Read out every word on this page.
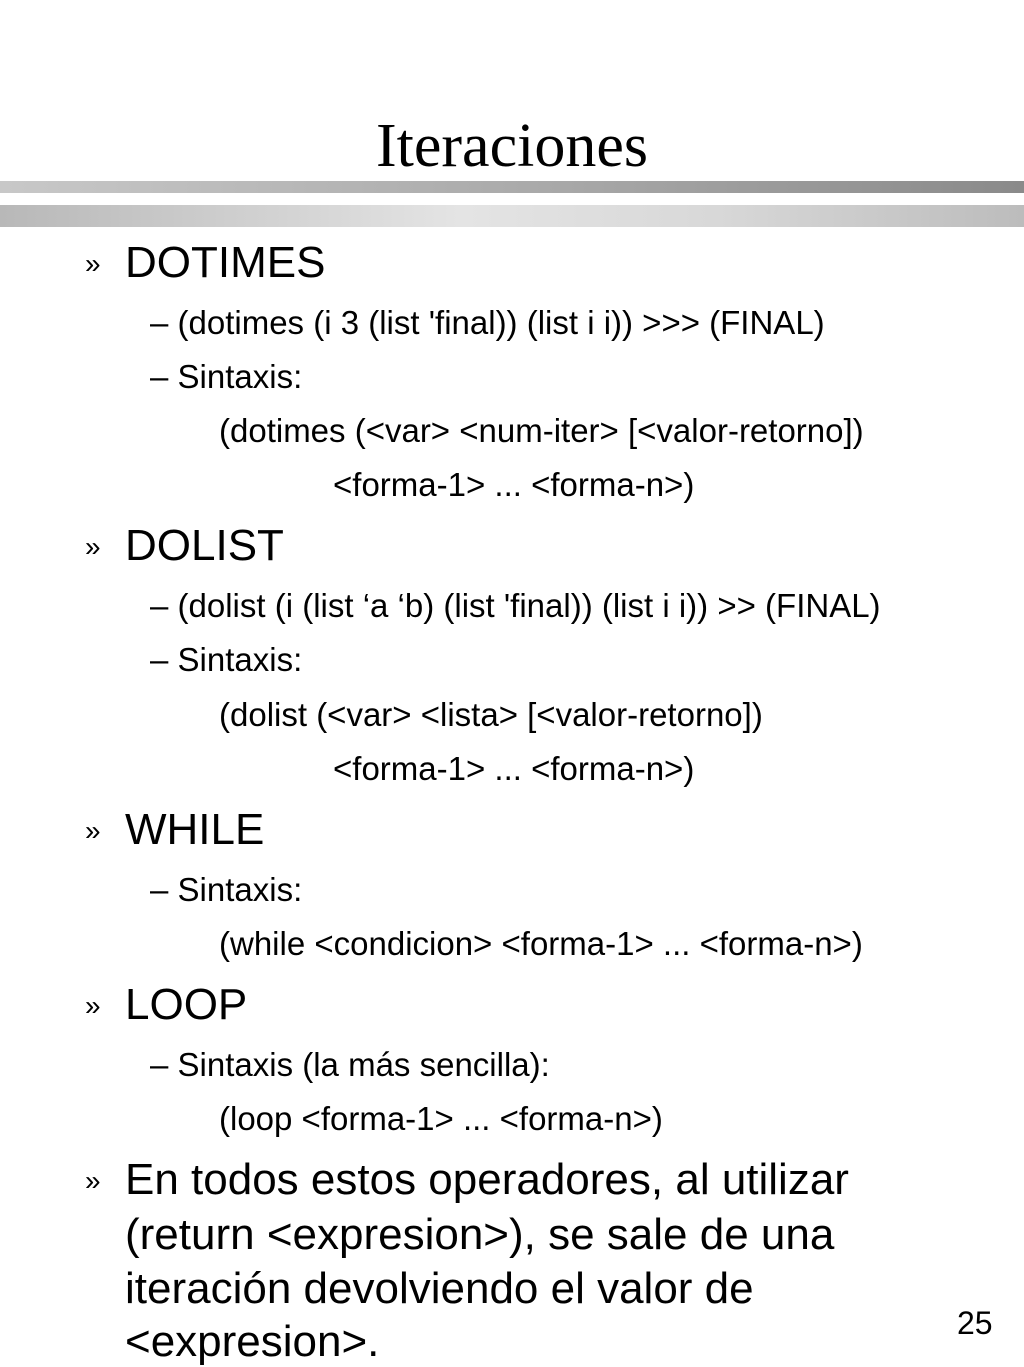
Iteraciones
» DOTIMES
– (dotimes (i 3 (list 'final)) (list i i)) >>> (FINAL)
– Sintaxis:
(dotimes (<var> <num-iter> [<valor-retorno])
<forma-1> ... <forma-n>)
» DOLIST
– (dolist (i (list ‘a ‘b) (list 'final)) (list i i)) >> (FINAL)
– Sintaxis:
(dolist (<var> <lista> [<valor-retorno])
<forma-1> ... <forma-n>)
» WHILE
– Sintaxis:
(while <condicion> <forma-1> ... <forma-n>)
» LOOP
– Sintaxis (la más sencilla):
(loop <forma-1> ... <forma-n>)
» En todos estos operadores, al utilizar
(return <expresion>), se sale de una
iteración devolviendo el valor de
<expresion>.	25
